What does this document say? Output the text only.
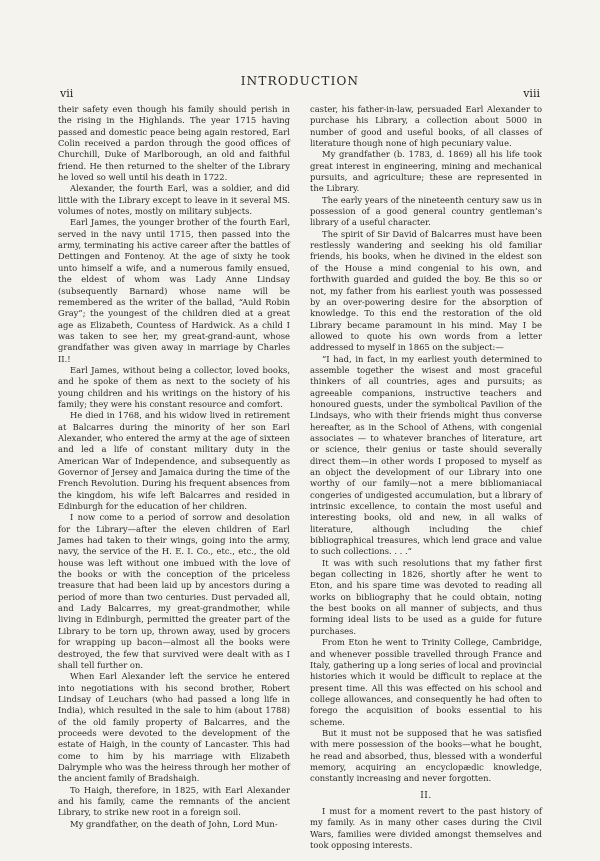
INTRODUCTION
vii	viii

their safety even though his family should perish in the rising in the Highlands. The year 1715 having passed and domestic peace being again restored, Earl Colin received a pardon through the good offices of Churchill, Duke of Marlborough, an old and faithful friend. He then returned to the shelter of the Library he loved so well until his death in 1722.

Alexander, the fourth Earl, was a soldier, and did little with the Library except to leave in it several MS. volumes of notes, mostly on military subjects.

Earl James, the younger brother of the fourth Earl, served in the navy until 1715, then passed into the army, terminating his active career after the battles of Dettingen and Fontenoy. At the age of sixty he took unto himself a wife, and a numerous family ensued, the eldest of whom was Lady Anne Lindsay (subsequently Barnard) whose name will be remembered as the writer of the ballad, “Auld Robin Gray”; the youngest of the children died at a great age as Elizabeth, Countess of Hardwick. As a child I was taken to see her, my great-grand-aunt, whose grandfather was given away in marriage by Charles II.!

Earl James, without being a collector, loved books, and he spoke of them as next to the society of his young children and his writings on the history of his family; they were his constant resource and comfort.

He died in 1768, and his widow lived in retirement at Balcarres during the minority of her son Earl Alexander, who entered the army at the age of sixteen and led a life of constant military duty in the American War of Independence, and subsequently as Governor of Jersey and Jamaica during the time of the French Revolution. During his frequent absences from the kingdom, his wife left Balcarres and resided in Edinburgh for the education of her children.

I now come to a period of sorrow and desolation for the Library—after the eleven children of Earl James had taken to their wings, going into the army, navy, the service of the H. E. I. Co., etc., etc., the old house was left without one imbued with the love of the books or with the conception of the priceless treasure that had been laid up by ancestors during a period of more than two centuries. Dust pervaded all, and Lady Balcarres, my great-grandmother, while living in Edinburgh, permitted the greater part of the Library to be torn up, thrown away, used by grocers for wrapping up bacon—almost all the books were destroyed, the few that survived were dealt with as I shall tell further on.

When Earl Alexander left the service he entered into negotiations with his second brother, Robert Lindsay of Leuchars (who had passed a long life in India), which resulted in the sale to him (about 1788) of the old family property of Balcarres, and the proceeds were devoted to the development of the estate of Haigh, in the county of Lancaster. This had come to him by his marriage with Elizabeth Dalrymple who was the heiress through her mother of the ancient family of Bradshaigh.

To Haigh, therefore, in 1825, with Earl Alexander and his family, came the remnants of the ancient Library, to strike new root in a foreign soil.

My grandfather, on the death of John, Lord Mun-

caster, his father-in-law, persuaded Earl Alexander to purchase his Library, a collection about 5000 in number of good and useful books, of all classes of literature though none of high pecuniary value.

My grandfather (b. 1783, d. 1869) all his life took great interest in engineering, mining and mechanical pursuits, and agriculture; these are represented in the Library.

The early years of the nineteenth century saw us in possession of a good general country gentleman’s library of a useful character.

The spirit of Sir David of Balcarres must have been restlessly wandering and seeking his old familiar friends, his books, when he divined in the eldest son of the House a mind congenial to his own, and forthwith guarded and guided the boy. Be this so or not, my father from his earliest youth was possessed by an over-powering desire for the absorption of knowledge. To this end the restoration of the old Library became paramount in his mind. May I be allowed to quote his own words from a letter addressed to myself in 1865 on the subject:—

“I had, in fact, in my earliest youth determined to assemble together the wisest and most graceful thinkers of all countries, ages and pursuits; as agreeable companions, instructive teachers and honoured guests, under the symbolical Pavilion of the Lindsays, who with their friends might thus converse hereafter, as in the School of Athens, with congenial associates — to whatever branches of literature, art or science, their genius or taste should severally direct them—in other words I proposed to myself as an object the development of our Library into one worthy of our family—not a mere bibliomaniacal congeries of undigested accumulation, but a library of intrinsic excellence, to contain the most useful and interesting books, old and new, in all walks of literature, although including the chief bibliographical treasures, which lend grace and value to such collections. . . .”

It was with such resolutions that my father first began collecting in 1826, shortly after he went to Eton, and his spare time was devoted to reading all works on bibliography that he could obtain, noting the best books on all manner of subjects, and thus forming ideal lists to be used as a guide for future purchases.

From Eton he went to Trinity College, Cambridge, and whenever possible travelled through France and Italy, gathering up a long series of local and provincial histories which it would be difficult to replace at the present time. All this was effected on his school and college allowances, and consequently he had often to forego the acquisition of books essential to his scheme.

But it must not be supposed that he was satisfied with mere possession of the books—what he bought, he read and absorbed, thus, blessed with a wonderful memory, acquiring an encyclopædic knowledge, constantly increasing and never forgotten.

II.

I must for a moment revert to the past history of my family. As in many other cases during the Civil Wars, families were divided amongst themselves and took opposing interests.
